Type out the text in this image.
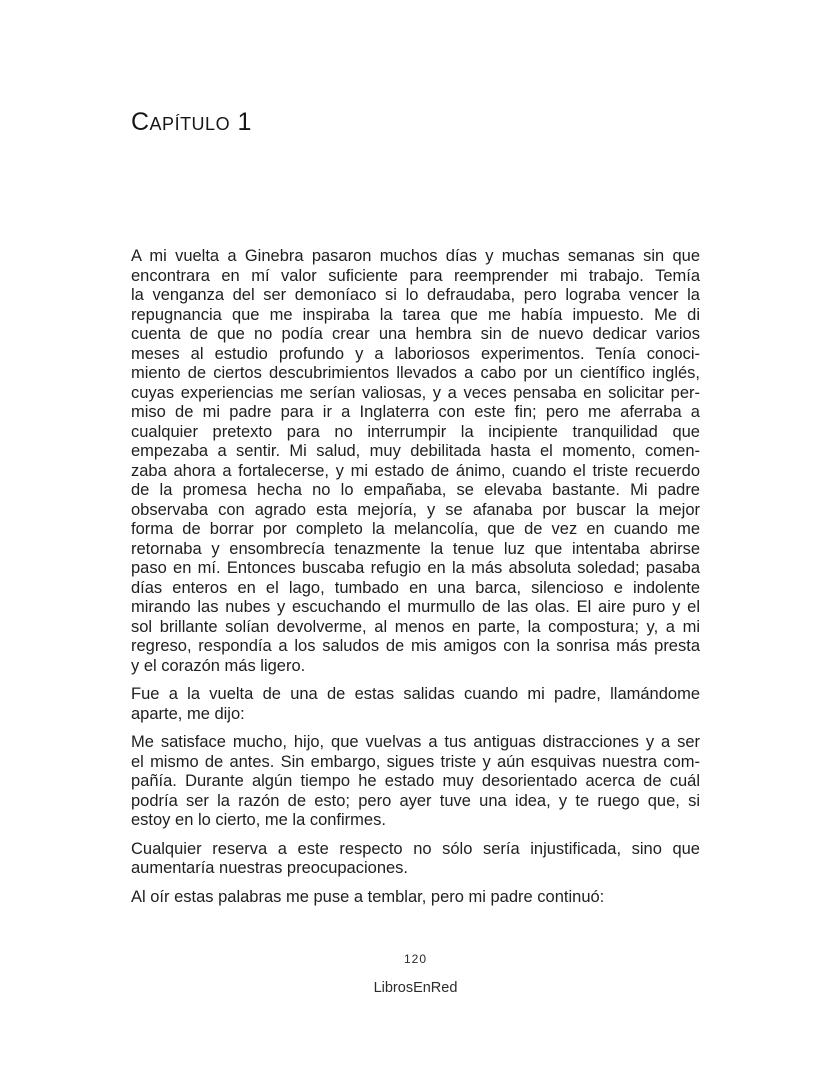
Capítulo 1

A mi vuelta a Ginebra pasaron muchos días y muchas semanas sin que
encontrara en mí valor suficiente para reemprender mi trabajo. Temía
la venganza del ser demoníaco si lo defraudaba, pero lograba vencer la
repugnancia que me inspiraba la tarea que me había impuesto. Me di
cuenta de que no podía crear una hembra sin de nuevo dedicar varios
meses al estudio profundo y a laboriosos experimentos. Tenía conoci-
miento de ciertos descubrimientos llevados a cabo por un científico inglés,
cuyas experiencias me serían valiosas, y a veces pensaba en solicitar per-
miso de mi padre para ir a Inglaterra con este fin; pero me aferraba a
cualquier pretexto para no interrumpir la incipiente tranquilidad que
empezaba a sentir. Mi salud, muy debilitada hasta el momento, comen-
zaba ahora a fortalecerse, y mi estado de ánimo, cuando el triste recuerdo
de la promesa hecha no lo empañaba, se elevaba bastante. Mi padre
observaba con agrado esta mejoría, y se afanaba por buscar la mejor
forma de borrar por completo la melancolía, que de vez en cuando me
retornaba y ensombrecía tenazmente la tenue luz que intentaba abrirse
paso en mí. Entonces buscaba refugio en la más absoluta soledad; pasaba
días enteros en el lago, tumbado en una barca, silencioso e indolente
mirando las nubes y escuchando el murmullo de las olas. El aire puro y el
sol brillante solían devolverme, al menos en parte, la compostura; y, a mi
regreso, respondía a los saludos de mis amigos con la sonrisa más presta
y el corazón más ligero.

Fue a la vuelta de una de estas salidas cuando mi padre, llamándome
aparte, me dijo:

Me satisface mucho, hijo, que vuelvas a tus antiguas distracciones y a ser
el mismo de antes. Sin embargo, sigues triste y aún esquivas nuestra com-
pañía. Durante algún tiempo he estado muy desorientado acerca de cuál
podría ser la razón de esto; pero ayer tuve una idea, y te ruego que, si
estoy en lo cierto, me la confirmes.

Cualquier reserva a este respecto no sólo sería injustificada, sino que
aumentaría nuestras preocupaciones.

Al oír estas palabras me puse a temblar, pero mi padre continuó:

120
LibrosEnRed
